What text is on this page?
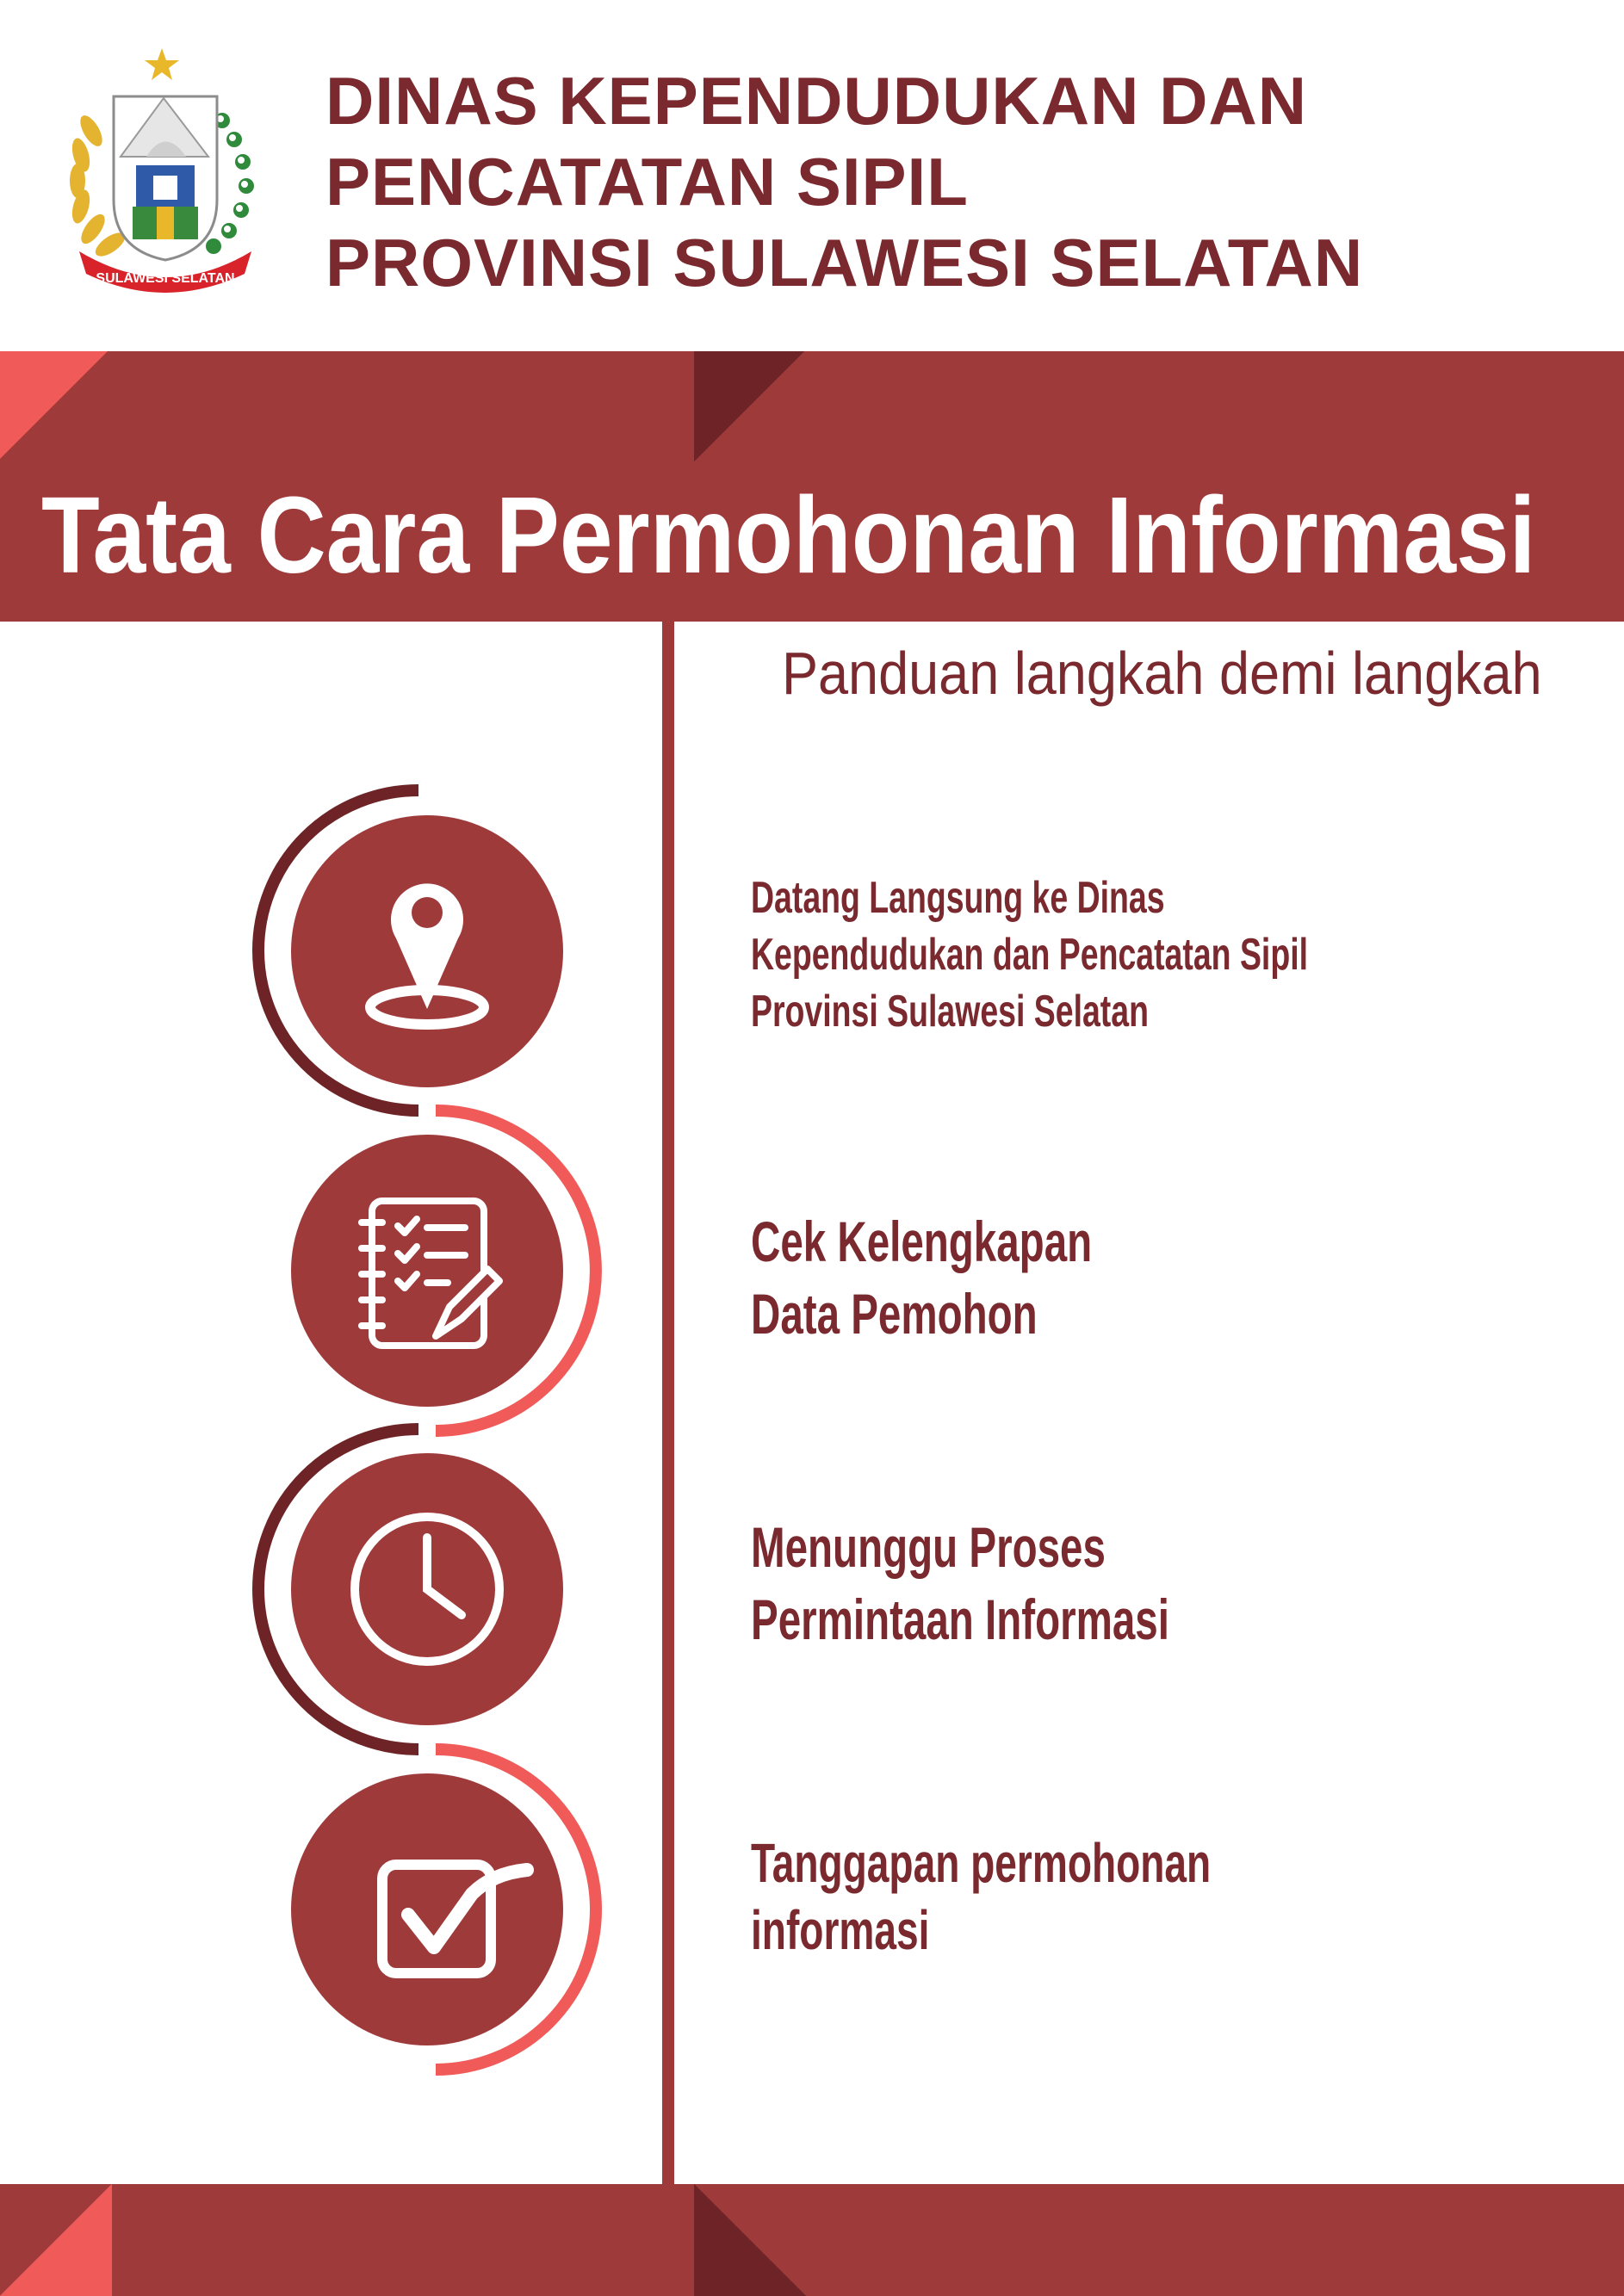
SULAWESI SELATAN
DINAS KEPENDUDUKAN DAN
PENCATATAN SIPIL
PROVINSI SULAWESI SELATAN
Tata Cara Permohonan Informasi

Panduan langkah demi langkah

Datang Langsung ke Dinas
Kependudukan dan Pencatatan Sipil
Provinsi Sulawesi Selatan

Cek Kelengkapan
Data Pemohon

Menunggu Proses
Permintaan Informasi

Tanggapan permohonan
informasi
